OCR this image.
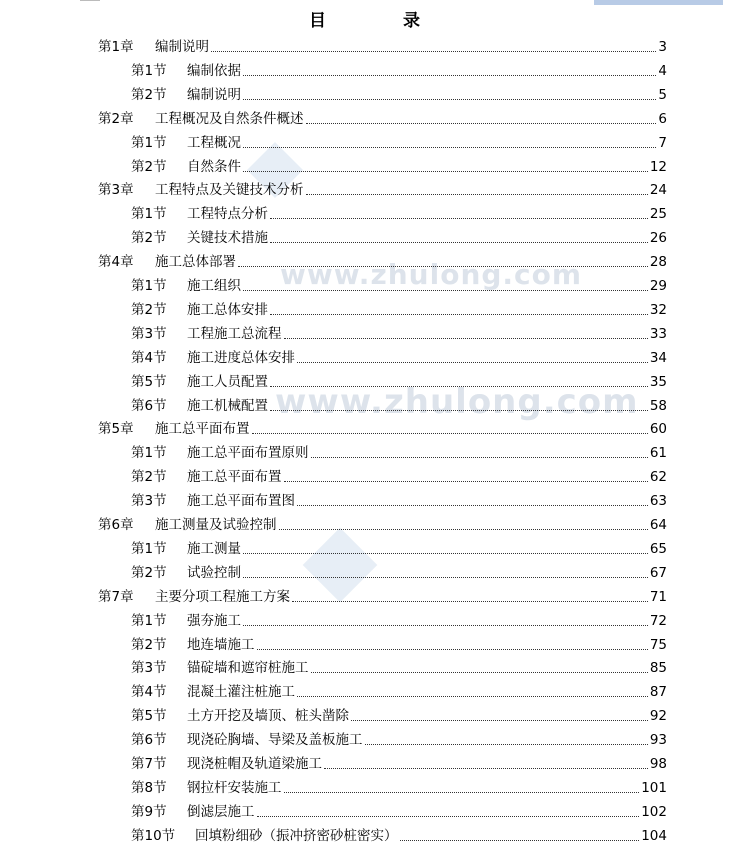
www.zhulong.com
www.zhulong.com
目　录
第1章 编制说明	3
第1节 编制依据	4
第2节 编制说明	5
第2章 工程概况及自然条件概述	6
第1节 工程概况	7
第2节 自然条件	12
第3章 工程特点及关键技术分析	24
第1节 工程特点分析	25
第2节 关键技术措施	26
第4章 施工总体部署	28
第1节 施工组织	29
第2节 施工总体安排	32
第3节 工程施工总流程	33
第4节 施工进度总体安排	34
第5节 施工人员配置	35
第6节 施工机械配置	58
第5章 施工总平面布置	60
第1节 施工总平面布置原则	61
第2节 施工总平面布置	62
第3节 施工总平面布置图	63
第6章 施工测量及试验控制	64
第1节 施工测量	65
第2节 试验控制	67
第7章 主要分项工程施工方案	71
第1节 强夯施工	72
第2节 地连墙施工	75
第3节 锚碇墙和遮帘桩施工	85
第4节 混凝土灌注桩施工	87
第5节 土方开挖及墙顶、桩头凿除	92
第6节 现浇砼胸墙、导梁及盖板施工	93
第7节 现浇桩帽及轨道梁施工	98
第8节 钢拉杆安装施工	101
第9节 倒滤层施工	102
第10节 回填粉细砂（振冲挤密砂桩密实）	104
